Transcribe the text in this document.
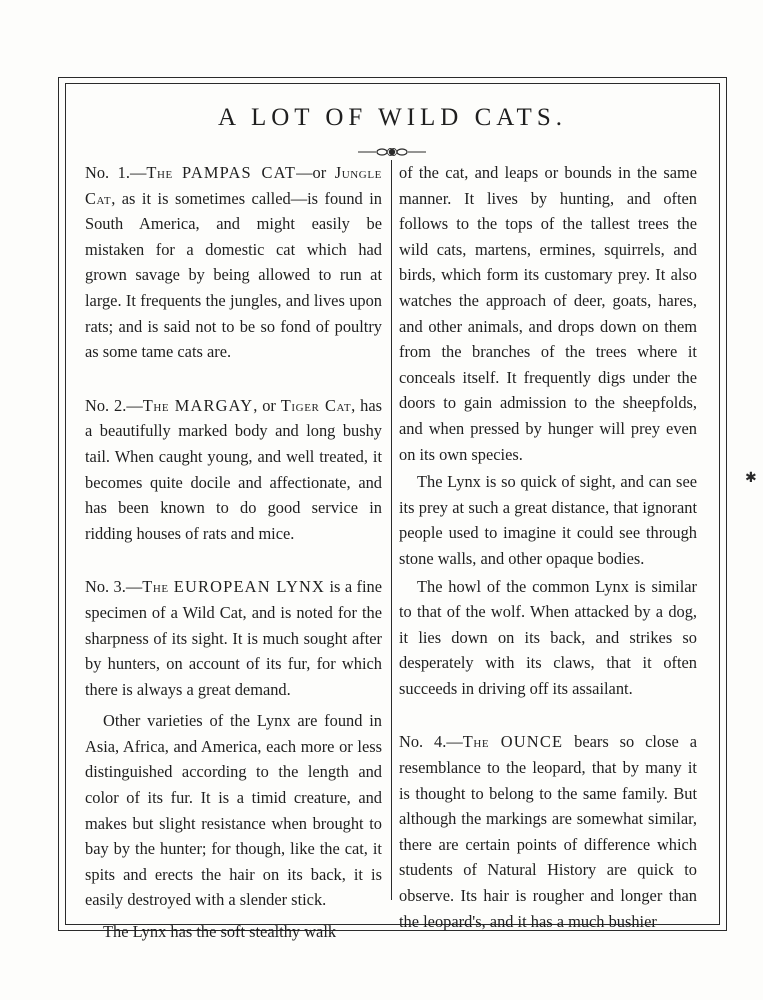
A LOT OF WILD CATS.

No. 1.—The PAMPAS CAT—or Jungle Cat, as it is sometimes called—is found in South America, and might easily be mistaken for a domestic cat which had grown savage by being allowed to run at large. It frequents the jungles, and lives upon rats; and is said not to be so fond of poultry as some tame cats are.

No. 2.—The MARGAY, or Tiger Cat, has a beautifully marked body and long bushy tail. When caught young, and well treated, it becomes quite docile and affectionate, and has been known to do good service in ridding houses of rats and mice.

No. 3.—The EUROPEAN LYNX is a fine specimen of a Wild Cat, and is noted for the sharpness of its sight. It is much sought after by hunters, on account of its fur, for which there is always a great demand.

Other varieties of the Lynx are found in Asia, Africa, and America, each more or less distinguished according to the length and color of its fur. It is a timid creature, and makes but slight resistance when brought to bay by the hunter; for though, like the cat, it spits and erects the hair on its back, it is easily destroyed with a slender stick.

The Lynx has the soft stealthy walk

of the cat, and leaps or bounds in the same manner. It lives by hunting, and often follows to the tops of the tallest trees the wild cats, martens, ermines, squirrels, and birds, which form its customary prey. It also watches the approach of deer, goats, hares, and other animals, and drops down on them from the branches of the trees where it conceals itself. It frequently digs under the doors to gain admission to the sheepfolds, and when pressed by hunger will prey even on its own species.

The Lynx is so quick of sight, and can see its prey at such a great distance, that ignorant people used to imagine it could see through stone walls, and other opaque bodies.

The howl of the common Lynx is similar to that of the wolf. When attacked by a dog, it lies down on its back, and strikes so desperately with its claws, that it often succeeds in driving off its assailant.

No. 4.—The OUNCE bears so close a resemblance to the leopard, that by many it is thought to belong to the same family. But although the markings are somewhat similar, there are certain points of difference which students of Natural History are quick to observe. Its hair is rougher and longer than the leopard's, and it has a much bushier

✱
